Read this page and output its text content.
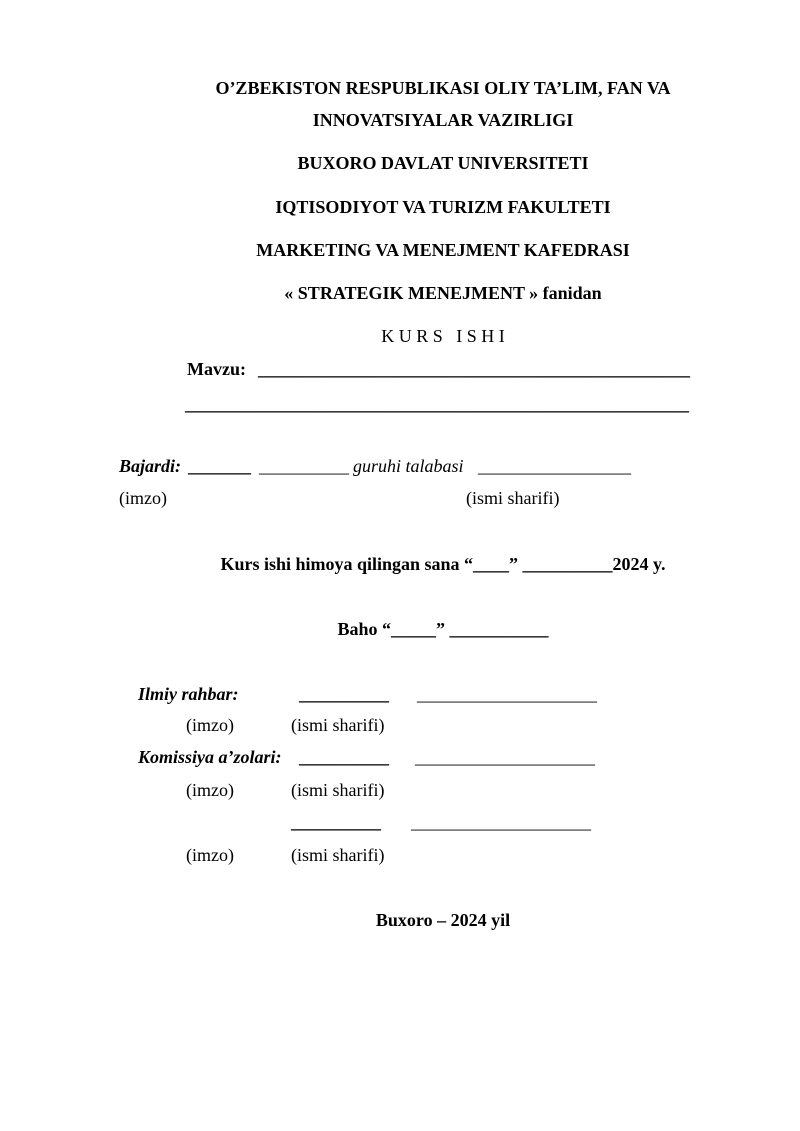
O’ZBEKISTON RESPUBLIKASI OLIY TA’LIM, FAN VA
INNOVATSIYALAR VAZIRLIGI
BUXORO DAVLAT UNIVERSITETI
IQTISODIYOT VA TURIZM FAKULTETI
MARKETING VA MENEJMENT KAFEDRASI
« STRATEGIK MENEJMENT » fanidan
K U R S   I S H I
Mavzu: ________________________________________________
________________________________________________________
Bajardi: _______ __________ guruhi talabasi _________________
(imzo)	(ismi sharifi)
Kurs ishi himoya qilingan sana “____” __________2024 y.
Baho “_____” ___________
Ilmiy rahbar:	__________ ____________________
(imzo)	(ismi sharifi)
Komissiya a’zolari: __________ ____________________
(imzo)	(ismi sharifi)
__________ ____________________
(imzo)	(ismi sharifi)
Buxoro – 2024 yil
